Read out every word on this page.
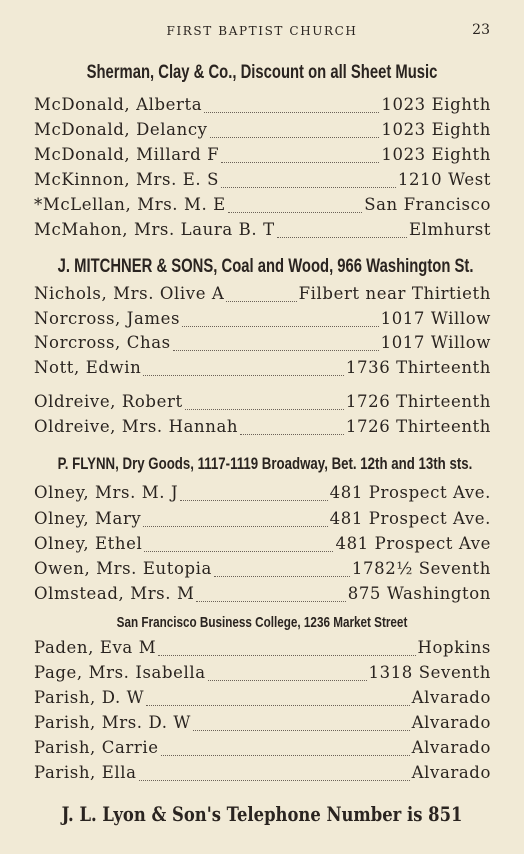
FIRST BAPTIST CHURCH	23
Sherman, Clay & Co., Discount on all Sheet Music
McDonald, Alberta	1023 Eighth
McDonald, Delancy	1023 Eighth
McDonald, Millard F	1023 Eighth
McKinnon, Mrs. E. S	1210 West
*McLellan, Mrs. M. E	San Francisco
McMahon, Mrs. Laura B. T	Elmhurst
J. MITCHNER & SONS, Coal and Wood, 966 Washington St.
Nichols, Mrs. Olive A	Filbert near Thirtieth
Norcross, James	1017 Willow
Norcross, Chas	1017 Willow
Nott, Edwin	1736 Thirteenth
Oldreive, Robert	1726 Thirteenth
Oldreive, Mrs. Hannah	1726 Thirteenth
P. FLYNN, Dry Goods, 1117-1119 Broadway, Bet. 12th and 13th sts.
Olney, Mrs. M. J	481 Prospect Ave.
Olney, Mary	481 Prospect Ave.
Olney, Ethel	481 Prospect Ave
Owen, Mrs. Eutopia	1782½ Seventh
Olmstead, Mrs. M	875 Washington
San Francisco Business College, 1236 Market Street
Paden, Eva M	Hopkins
Page, Mrs. Isabella	1318 Seventh
Parish, D. W	Alvarado
Parish, Mrs. D. W	Alvarado
Parish, Carrie	Alvarado
Parish, Ella	Alvarado
J. L. Lyon & Son's Telephone Number is 851
